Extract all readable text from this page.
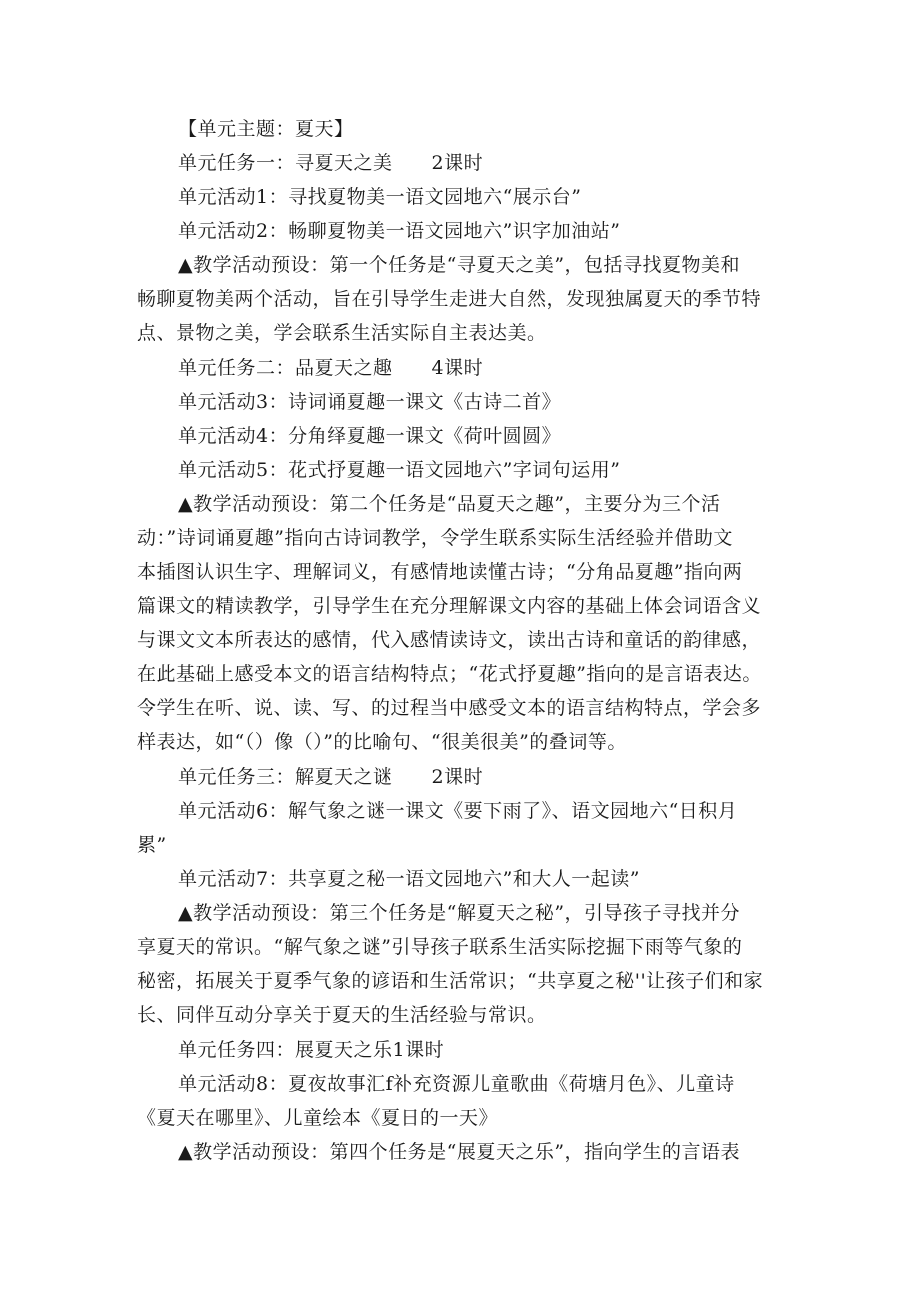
【单元主题：夏天】
单元任务一：寻夏天之美　　2课时
单元活动1：寻找夏物美一语文园地六“展示台”
单元活动2：畅聊夏物美一语文园地六”识字加油站”
▲教学活动预设：第一个任务是“寻夏天之美”，包括寻找夏物美和
畅聊夏物美两个活动，旨在引导学生走进大自然，发现独属夏天的季节特
点、景物之美，学会联系生活实际自主表达美。
单元任务二：品夏天之趣　　4课时
单元活动3：诗词诵夏趣一课文《古诗二首》
单元活动4：分角绎夏趣一课文《荷叶圆圆》
单元活动5：花式抒夏趣一语文园地六”字词句运用”
▲教学活动预设：第二个任务是“品夏天之趣”，主要分为三个活
动：”诗词诵夏趣”指向古诗词教学，令学生联系实际生活经验并借助文
本插图认识生字、理解词义，有感情地读懂古诗；“分角品夏趣”指向两
篇课文的精读教学，引导学生在充分理解课文内容的基础上体会词语含义
与课文文本所表达的感情，代入感情读诗文，读出古诗和童话的韵律感，
在此基础上感受本文的语言结构特点；“花式抒夏趣”指向的是言语表达。
令学生在听、说、读、写、的过程当中感受文本的语言结构特点，学会多
样表达，如“（）像（）”的比喻句、“很美很美”的叠词等。
单元任务三：解夏天之谜　　2课时
单元活动6：解气象之谜一课文《要下雨了》、语文园地六“日积月
累”
单元活动7：共享夏之秘一语文园地六”和大人一起读”
▲教学活动预设：第三个任务是“解夏天之秘”，引导孩子寻找并分
享夏天的常识。“解气象之谜”引导孩子联系生活实际挖掘下雨等气象的
秘密，拓展关于夏季气象的谚语和生活常识；“共享夏之秘''让孩子们和家
长、同伴互动分享关于夏天的生活经验与常识。
单元任务四：展夏天之乐1课时
单元活动8：夏夜故事汇f补充资源儿童歌曲《荷塘月色》、儿童诗
《夏天在哪里》、儿童绘本《夏日的一天》
▲教学活动预设：第四个任务是“展夏天之乐”，指向学生的言语表
